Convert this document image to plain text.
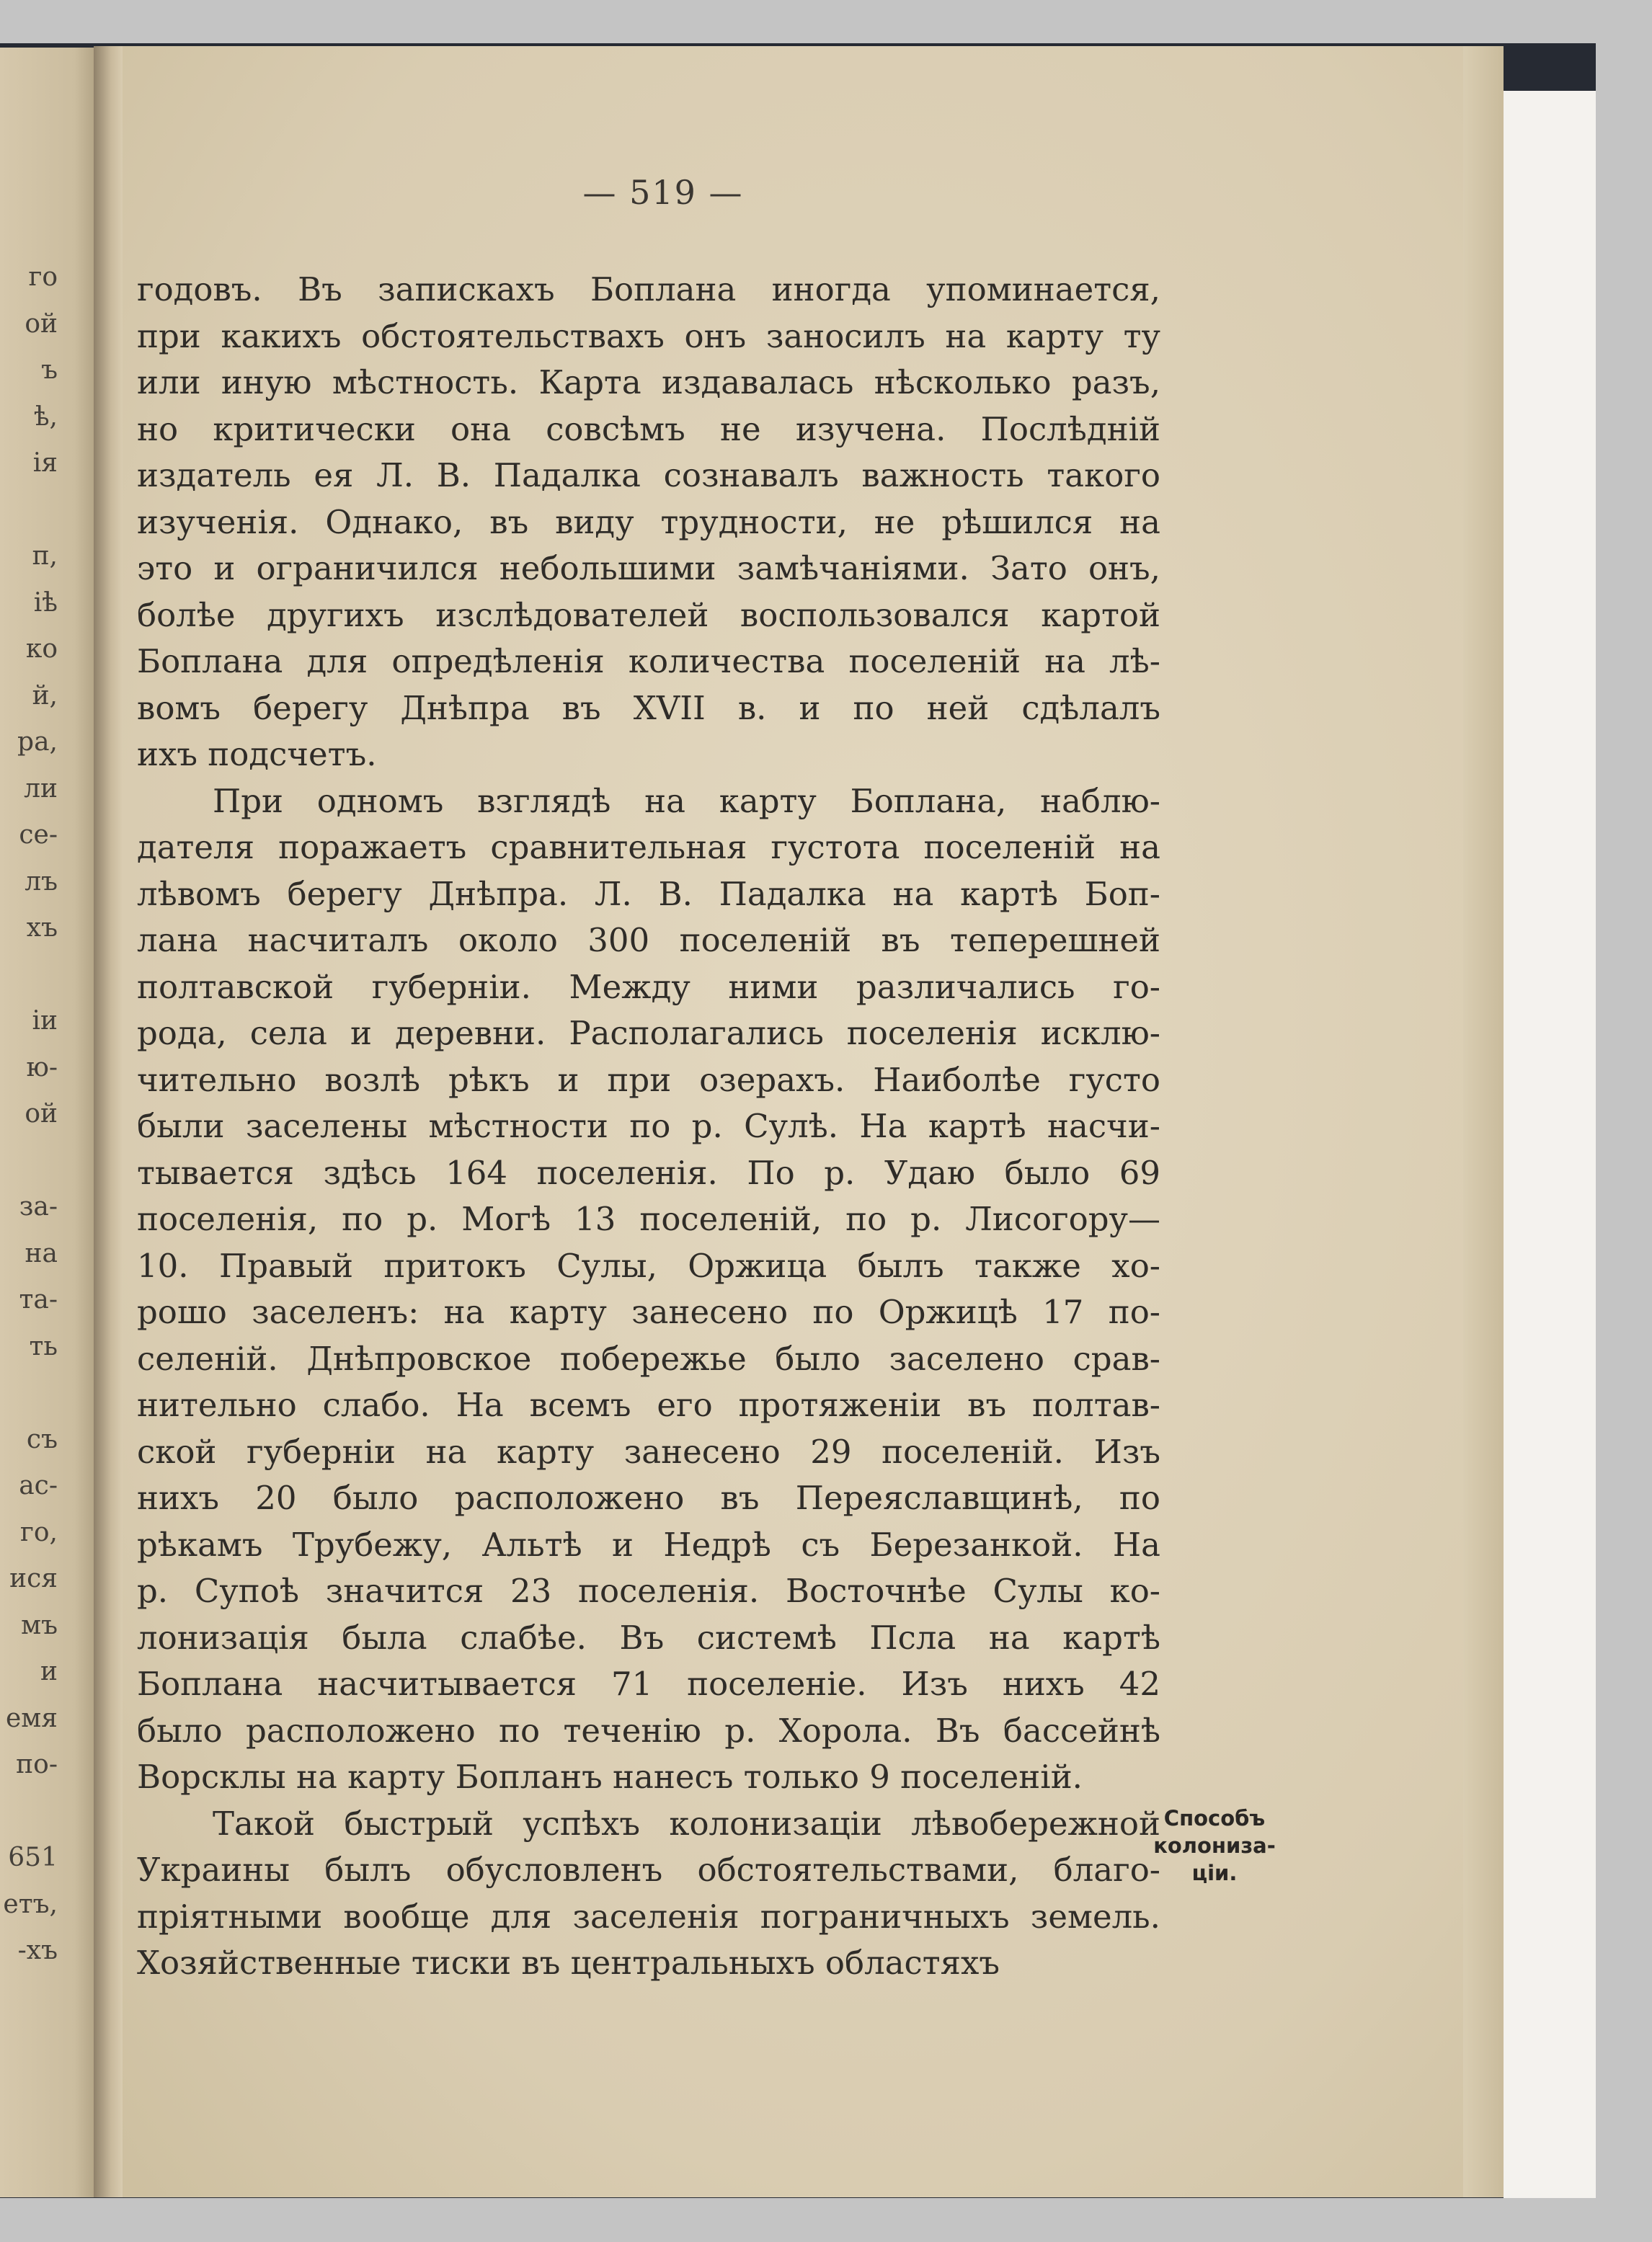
го
ой
ъ
ѣ,
ія
п,
іѣ
ко
й,
ра,
ли
се-
лъ
хъ
іи
ю-
ой
за-
на
та-
ть
съ
ас-
го,
ися
мъ
и
емя
по-
651
етъ,
-хъ
— 519 —
годовъ. Въ запискахъ Боплана иногда упоминается,
при какихъ обстоятельствахъ онъ заносилъ на карту ту
или иную мѣстность. Карта издавалась нѣсколько разъ,
но критически она совсѣмъ не изучена. Послѣдній
издатель ея Л. В. Падалка сознавалъ важность такого
изученія. Однако, въ виду трудности, не рѣшился на
это и ограничился небольшими замѣчаніями. Зато онъ,
болѣе другихъ изслѣдователей воспользовался картой
Боплана для опредѣленія количества поселеній на лѣ-
вомъ берегу Днѣпра въ XVII в. и по ней сдѣлалъ
ихъ подсчетъ.
При одномъ взглядѣ на карту Боплана, наблю-
дателя поражаетъ сравнительная густота поселеній на
лѣвомъ берегу Днѣпра. Л. В. Падалка на картѣ Боп-
лана насчиталъ около 300 поселеній въ теперешней
полтавской губерніи. Между ними различались го-
рода, села и деревни. Располагались поселенія исклю-
чительно возлѣ рѣкъ и при озерахъ. Наиболѣе густо
были заселены мѣстности по р. Сулѣ. На картѣ насчи-
тывается здѣсь 164 поселенія. По р. Удаю было 69
поселенія, по р. Могѣ 13 поселеній, по р. Лисогору—
10. Правый притокъ Сулы, Оржица былъ также хо-
рошо заселенъ: на карту занесено по Оржицѣ 17 по-
селеній. Днѣпровское побережье было заселено срав-
нительно слабо. На всемъ его протяженіи въ полтав-
ской губерніи на карту занесено 29 поселеній. Изъ
нихъ 20 было расположено въ Переяславщинѣ, по
рѣкамъ Трубежу, Альтѣ и Недрѣ съ Березанкой. На
р. Супоѣ значится 23 поселенія. Восточнѣе Сулы ко-
лонизація была слабѣе. Въ системѣ Псла на картѣ
Боплана насчитывается 71 поселеніе. Изъ нихъ 42
было расположено по теченію р. Хорола. Въ бассейнѣ
Ворсклы на карту Бопланъ нанесъ только 9 поселеній.
Такой быстрый успѣхъ колонизаціи лѣвобережной
Украины былъ обусловленъ обстоятельствами, благо-
пріятными вообще для заселенія пограничныхъ земель.
Хозяйственные тиски въ центральныхъ областяхъ
Способъ
колониза-
ціи.
